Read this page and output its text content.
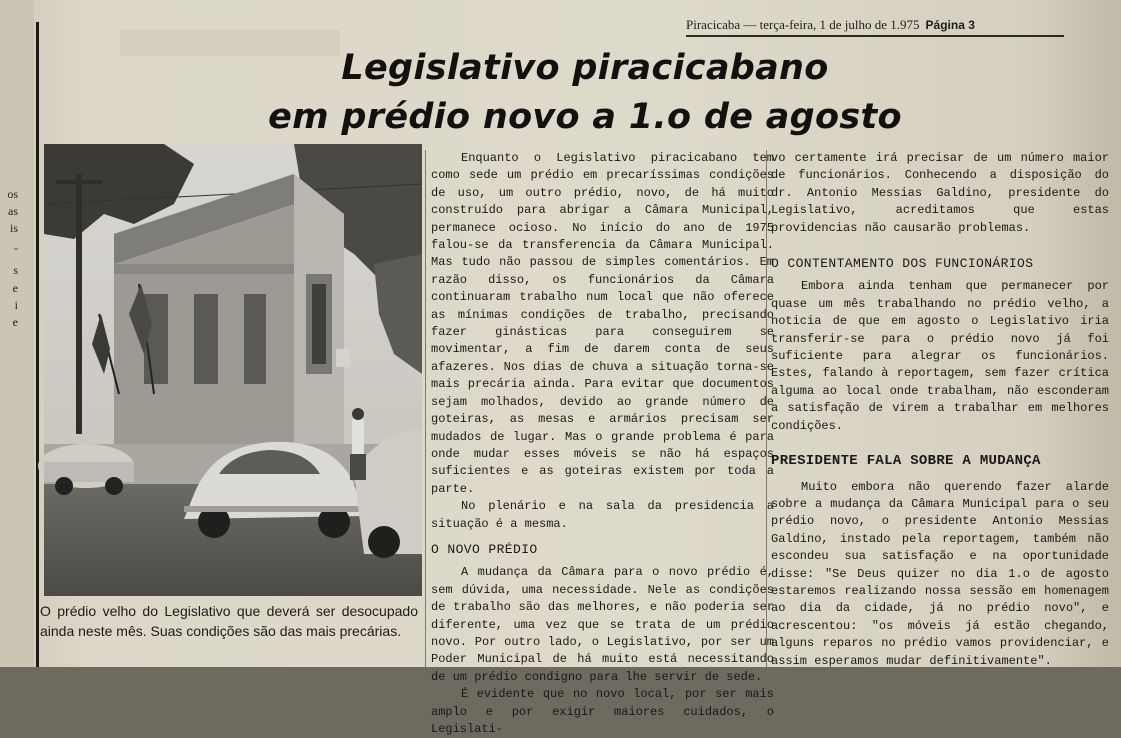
os
as
is
-
s
e
i
e
Piracicaba — terça-feira, 1 de julho de 1.975 Página 3
Legislativo piracicabano
em prédio novo a 1.o de agosto
O prédio velho do Legislativo que deverá ser desocupado ainda neste mês. Suas condições são das mais precárias.

Enquanto o Legislativo piracicabano tem como sede um prédio em precaríssimas condições de uso, um outro prédio, novo, de há muito construído para abrigar a Câmara Municipal, permanece ocioso. No início do ano de 1975 falou-se da transferencia da Câmara Municipal. Mas tudo não passou de simples comentários. Em razão disso, os funcionários da Câmara continuaram trabalho num local que não oferece as mínimas condições de trabalho, precisando fazer ginásticas para conseguirem se movimentar, a fim de darem conta de seus afazeres. Nos dias de chuva a situação torna-se mais precária ainda. Para evitar que documentos sejam molhados, devido ao grande número de goteiras, as mesas e armários precisam ser mudados de lugar. Mas o grande problema é para onde mudar esses móveis se não há espaços suficientes e as goteiras existem por toda a parte.

No plenário e na sala da presidencia a situação é a mesma.

O NOVO PRÉDIO

A mudança da Câmara para o novo prédio é, sem dúvida, uma necessidade. Nele as condições de trabalho são das melhores, e não poderia ser diferente, uma vez que se trata de um prédio novo. Por outro lado, o Legislativo, por ser um Poder Municipal de há muito está necessitando de um prédio condigno para lhe servir de sede.

É evidente que no novo local, por ser mais amplo e por exigir maiores cuidados, o Legislati-

vo certamente irá precisar de um número maior de funcionários. Conhecendo a disposição do dr. Antonio Messias Galdino, presidente do Legislativo, acreditamos que estas providencias não causarão problemas.

O CONTENTAMENTO DOS FUNCIONÁRIOS

Embora ainda tenham que permanecer por quase um mês trabalhando no prédio velho, a noticia de que em agosto o Legislativo iria transferir-se para o prédio novo já foi suficiente para alegrar os funcionários. Estes, falando à reportagem, sem fazer crítica alguma ao local onde trabalham, não esconderam a satisfação de virem a trabalhar em melhores condições.

PRESIDENTE FALA SOBRE A MUDANÇA

Muito embora não querendo fazer alarde sobre a mudança da Câmara Municipal para o seu prédio novo, o presidente Antonio Messias Galdino, instado pela reportagem, também não escondeu sua satisfação e na oportunidade disse: "Se Deus quizer no dia 1.o de agosto estaremos realizando nossa sessão em homenagem ao dia da cidade, já no prédio novo", e acrescentou: "os móveis já estão chegando, alguns reparos no prédio vamos providenciar, e assim esperamos mudar definitivamente".
